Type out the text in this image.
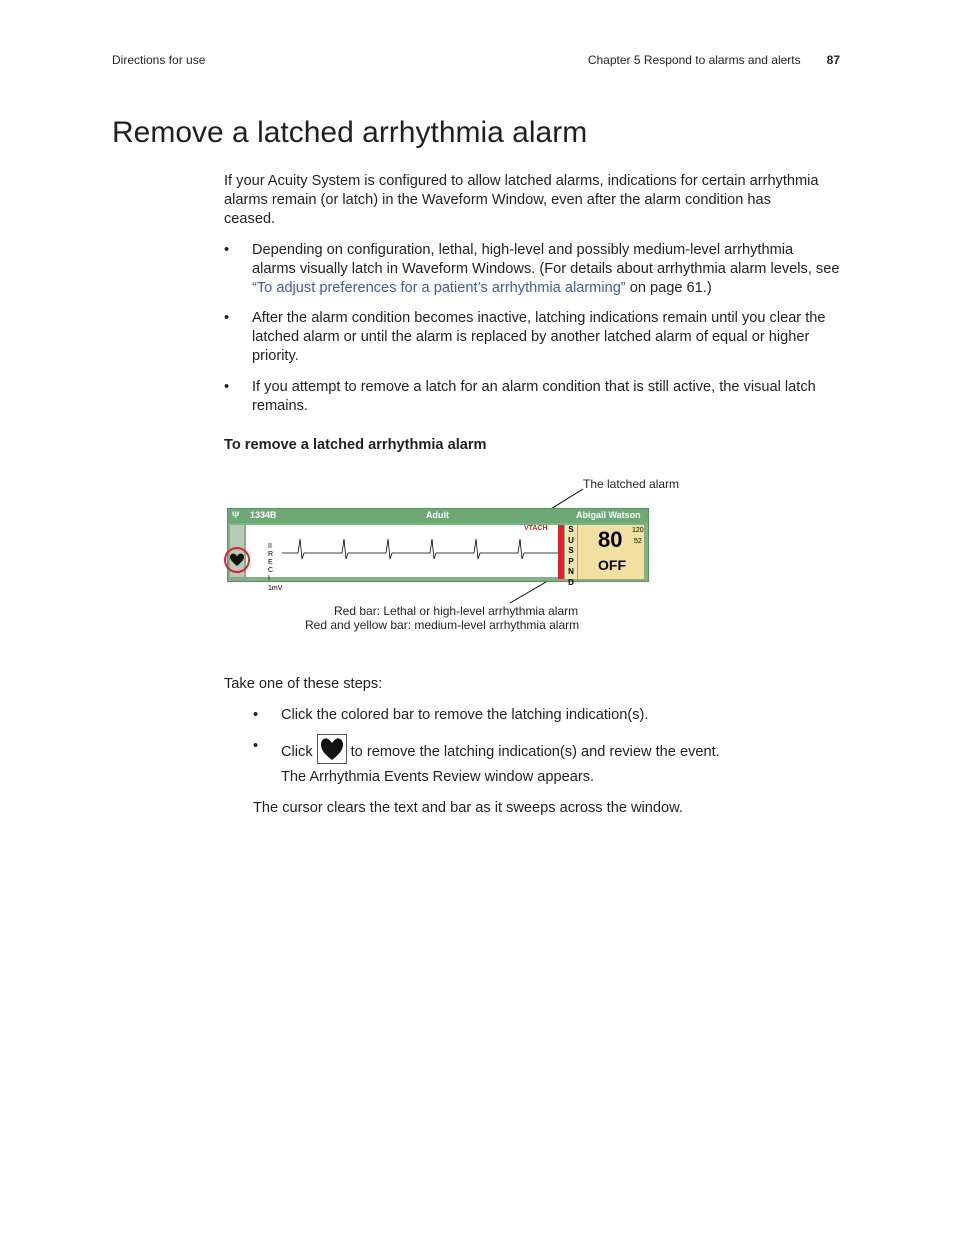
Directions for use	Chapter 5 Respond to alarms and alerts 87
Remove a latched arrhythmia alarm
If your Acuity System is configured to allow latched alarms, indications for certain arrhythmia alarms remain (or latch) in the Waveform Window, even after the alarm condition has ceased.
• Depending on configuration, lethal, high-level and possibly medium-level arrhythmia alarms visually latch in Waveform Windows. (For details about arrhythmia alarm levels, see “To adjust preferences for a patient’s arrhythmia alarming” on page 61.)
• After the alarm condition becomes inactive, latching indications remain until you clear the latched alarm or until the alarm is replaced by another latched alarm of equal or higher priority.
• If you attempt to remove a latch for an alarm condition that is still active, the visual latch remains.
To remove a latched arrhythmia alarm
The latched alarm
Red bar: Lethal or high-level arrhythmia alarm
Red and yellow bar: medium-level arrhythmia alarm
Ψ 1334B	Adult	Abigail Watson
II
R
E
C
I
1mV
VTACH	S
U
S
P
N
D
80 120
52
OFF
Take one of these steps:
• Click the colored bar to remove the latching indication(s).
• Click	to remove the latching indication(s) and review the event.
The Arrhythmia Events Review window appears.
The cursor clears the text and bar as it sweeps across the window.
